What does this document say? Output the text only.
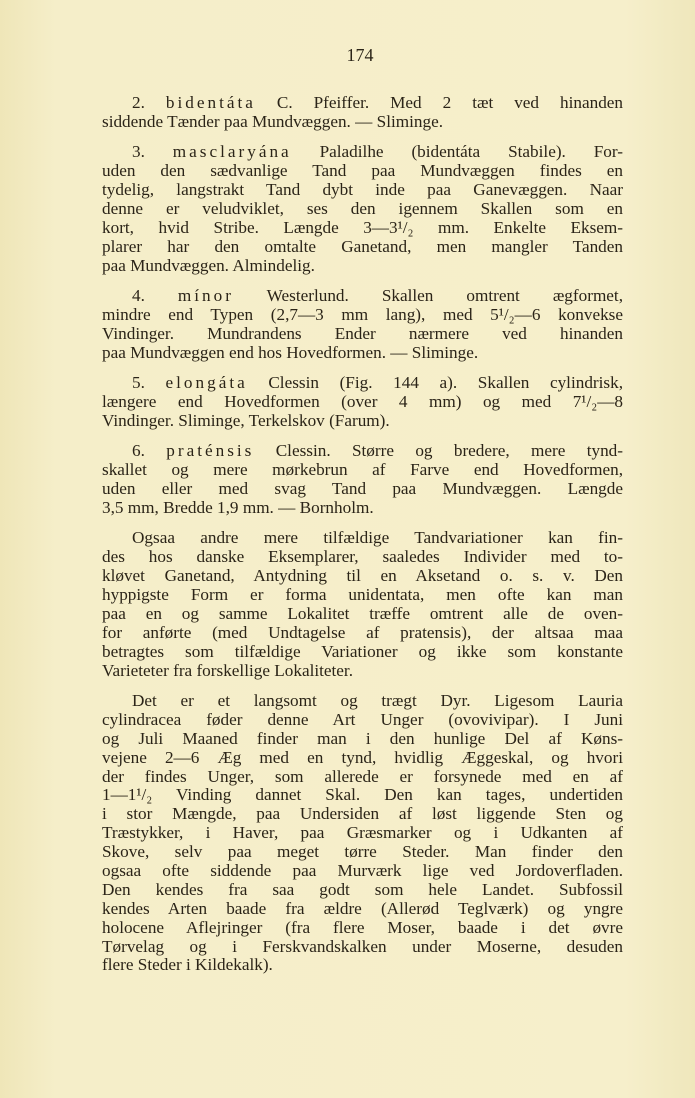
174
2. bidentáta C. Pfeiffer. Med 2 tæt ved hinanden
siddende Tænder paa Mundvæggen. — Sliminge.
3. masclaryána Paladilhe (bidentáta Stabile). For-
uden den sædvanlige Tand paa Mundvæggen findes en
tydelig, langstrakt Tand dybt inde paa Ganevæggen. Naar
denne er veludviklet, ses den igennem Skallen som en
kort, hvid Stribe. Længde 3—3¹/₂ mm. Enkelte Eksem-
plarer har den omtalte Ganetand, men mangler Tanden
paa Mundvæggen. Almindelig.
4. mínor Westerlund. Skallen omtrent ægformet,
mindre end Typen (2,7—3 mm lang), med 5¹/₂—6 konvekse
Vindinger. Mundrandens Ender nærmere ved hinanden
paa Mundvæggen end hos Hovedformen. — Sliminge.
5. elongáta Clessin (Fig. 144 a). Skallen cylindrisk,
længere end Hovedformen (over 4 mm) og med 7¹/₂—8
Vindinger. Sliminge, Terkelskov (Farum).
6. praténsis Clessin. Større og bredere, mere tynd-
skallet og mere mørkebrun af Farve end Hovedformen,
uden eller med svag Tand paa Mundvæggen. Længde
3,5 mm, Bredde 1,9 mm. — Bornholm.
Ogsaa andre mere tilfældige Tandvariationer kan fin-
des hos danske Eksemplarer, saaledes Individer med to-
kløvet Ganetand, Antydning til en Aksetand o. s. v. Den
hyppigste Form er forma unidentata, men ofte kan man
paa en og samme Lokalitet træffe omtrent alle de oven-
for anførte (med Undtagelse af pratensis), der altsaa maa
betragtes som tilfældige Variationer og ikke som konstante
Varieteter fra forskellige Lokaliteter.
Det er et langsomt og trægt Dyr. Ligesom Lauria
cylindracea føder denne Art Unger (ovovivipar). I Juni
og Juli Maaned finder man i den hunlige Del af Køns-
vejene 2—6 Æg med en tynd, hvidlig Æggeskal, og hvori
der findes Unger, som allerede er forsynede med en af
1—1¹/₂ Vinding dannet Skal. Den kan tages, undertiden
i stor Mængde, paa Undersiden af løst liggende Sten og
Træstykker, i Haver, paa Græsmarker og i Udkanten af
Skove, selv paa meget tørre Steder. Man finder den
ogsaa ofte siddende paa Murværk lige ved Jordoverfladen.
Den kendes fra saa godt som hele Landet. Subfossil
kendes Arten baade fra ældre (Allerød Teglværk) og yngre
holocene Aflejringer (fra flere Moser, baade i det øvre
Tørvelag og i Ferskvandskalken under Moserne, desuden
flere Steder i Kildekalk).
